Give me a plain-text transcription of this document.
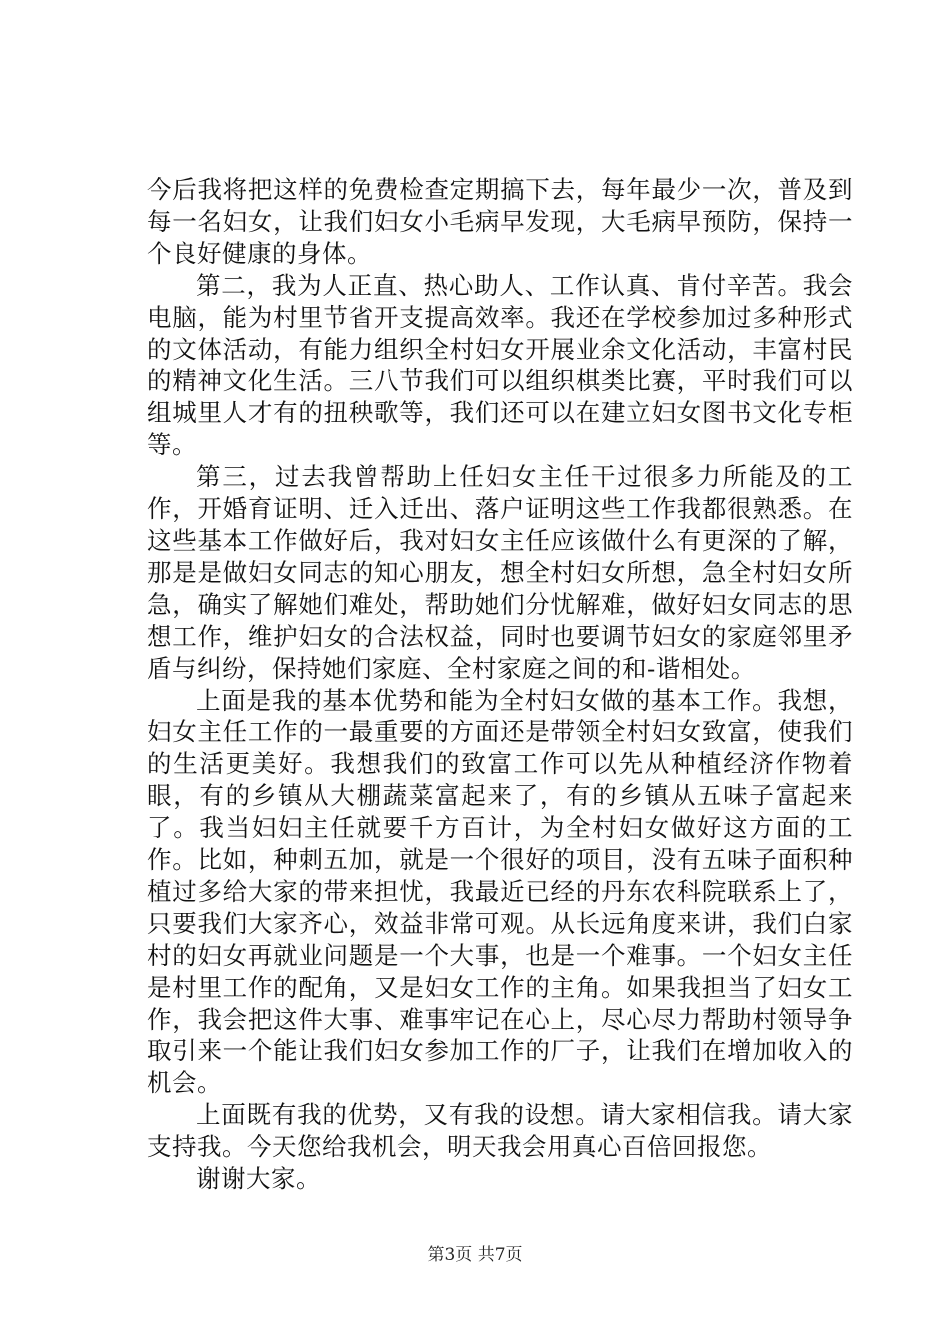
今后我将把这样的免费检查定期搞下去，每年最少一次，普及到每一名妇女，让我们妇女小毛病早发现，大毛病早预防，保持一个良好健康的身体。

第二，我为人正直、热心助人、工作认真、肯付辛苦。我会电脑，能为村里节省开支提高效率。我还在学校参加过多种形式的文体活动，有能力组织全村妇女开展业余文化活动，丰富村民的精神文化生活。三八节我们可以组织棋类比赛，平时我们可以组城里人才有的扭秧歌等，我们还可以在建立妇女图书文化专柜等。

第三，过去我曾帮助上任妇女主任干过很多力所能及的工作，开婚育证明、迁入迁出、落户证明这些工作我都很熟悉。在这些基本工作做好后，我对妇女主任应该做什么有更深的了解，那是是做妇女同志的知心朋友，想全村妇女所想，急全村妇女所急，确实了解她们难处，帮助她们分忧解难，做好妇女同志的思想工作，维护妇女的合法权益，同时也要调节妇女的家庭邻里矛盾与纠纷，保持她们家庭、全村家庭之间的和-谐相处。

上面是我的基本优势和能为全村妇女做的基本工作。我想，妇女主任工作的一最重要的方面还是带领全村妇女致富，使我们的生活更美好。我想我们的致富工作可以先从种植经济作物着眼，有的乡镇从大棚蔬菜富起来了，有的乡镇从五味子富起来了。我当妇妇主任就要千方百计，为全村妇女做好这方面的工作。比如，种刺五加，就是一个很好的项目，没有五味子面积种植过多给大家的带来担忧，我最近已经的丹东农科院联系上了，只要我们大家齐心，效益非常可观。从长远角度来讲，我们白家村的妇女再就业问题是一个大事，也是一个难事。一个妇女主任是村里工作的配角，又是妇女工作的主角。如果我担当了妇女工作，我会把这件大事、难事牢记在心上，尽心尽力帮助村领导争取引来一个能让我们妇女参加工作的厂子，让我们在增加收入的机会。

上面既有我的优势，又有我的设想。请大家相信我。请大家支持我。今天您给我机会，明天我会用真心百倍回报您。

谢谢大家。

第3页 共7页
